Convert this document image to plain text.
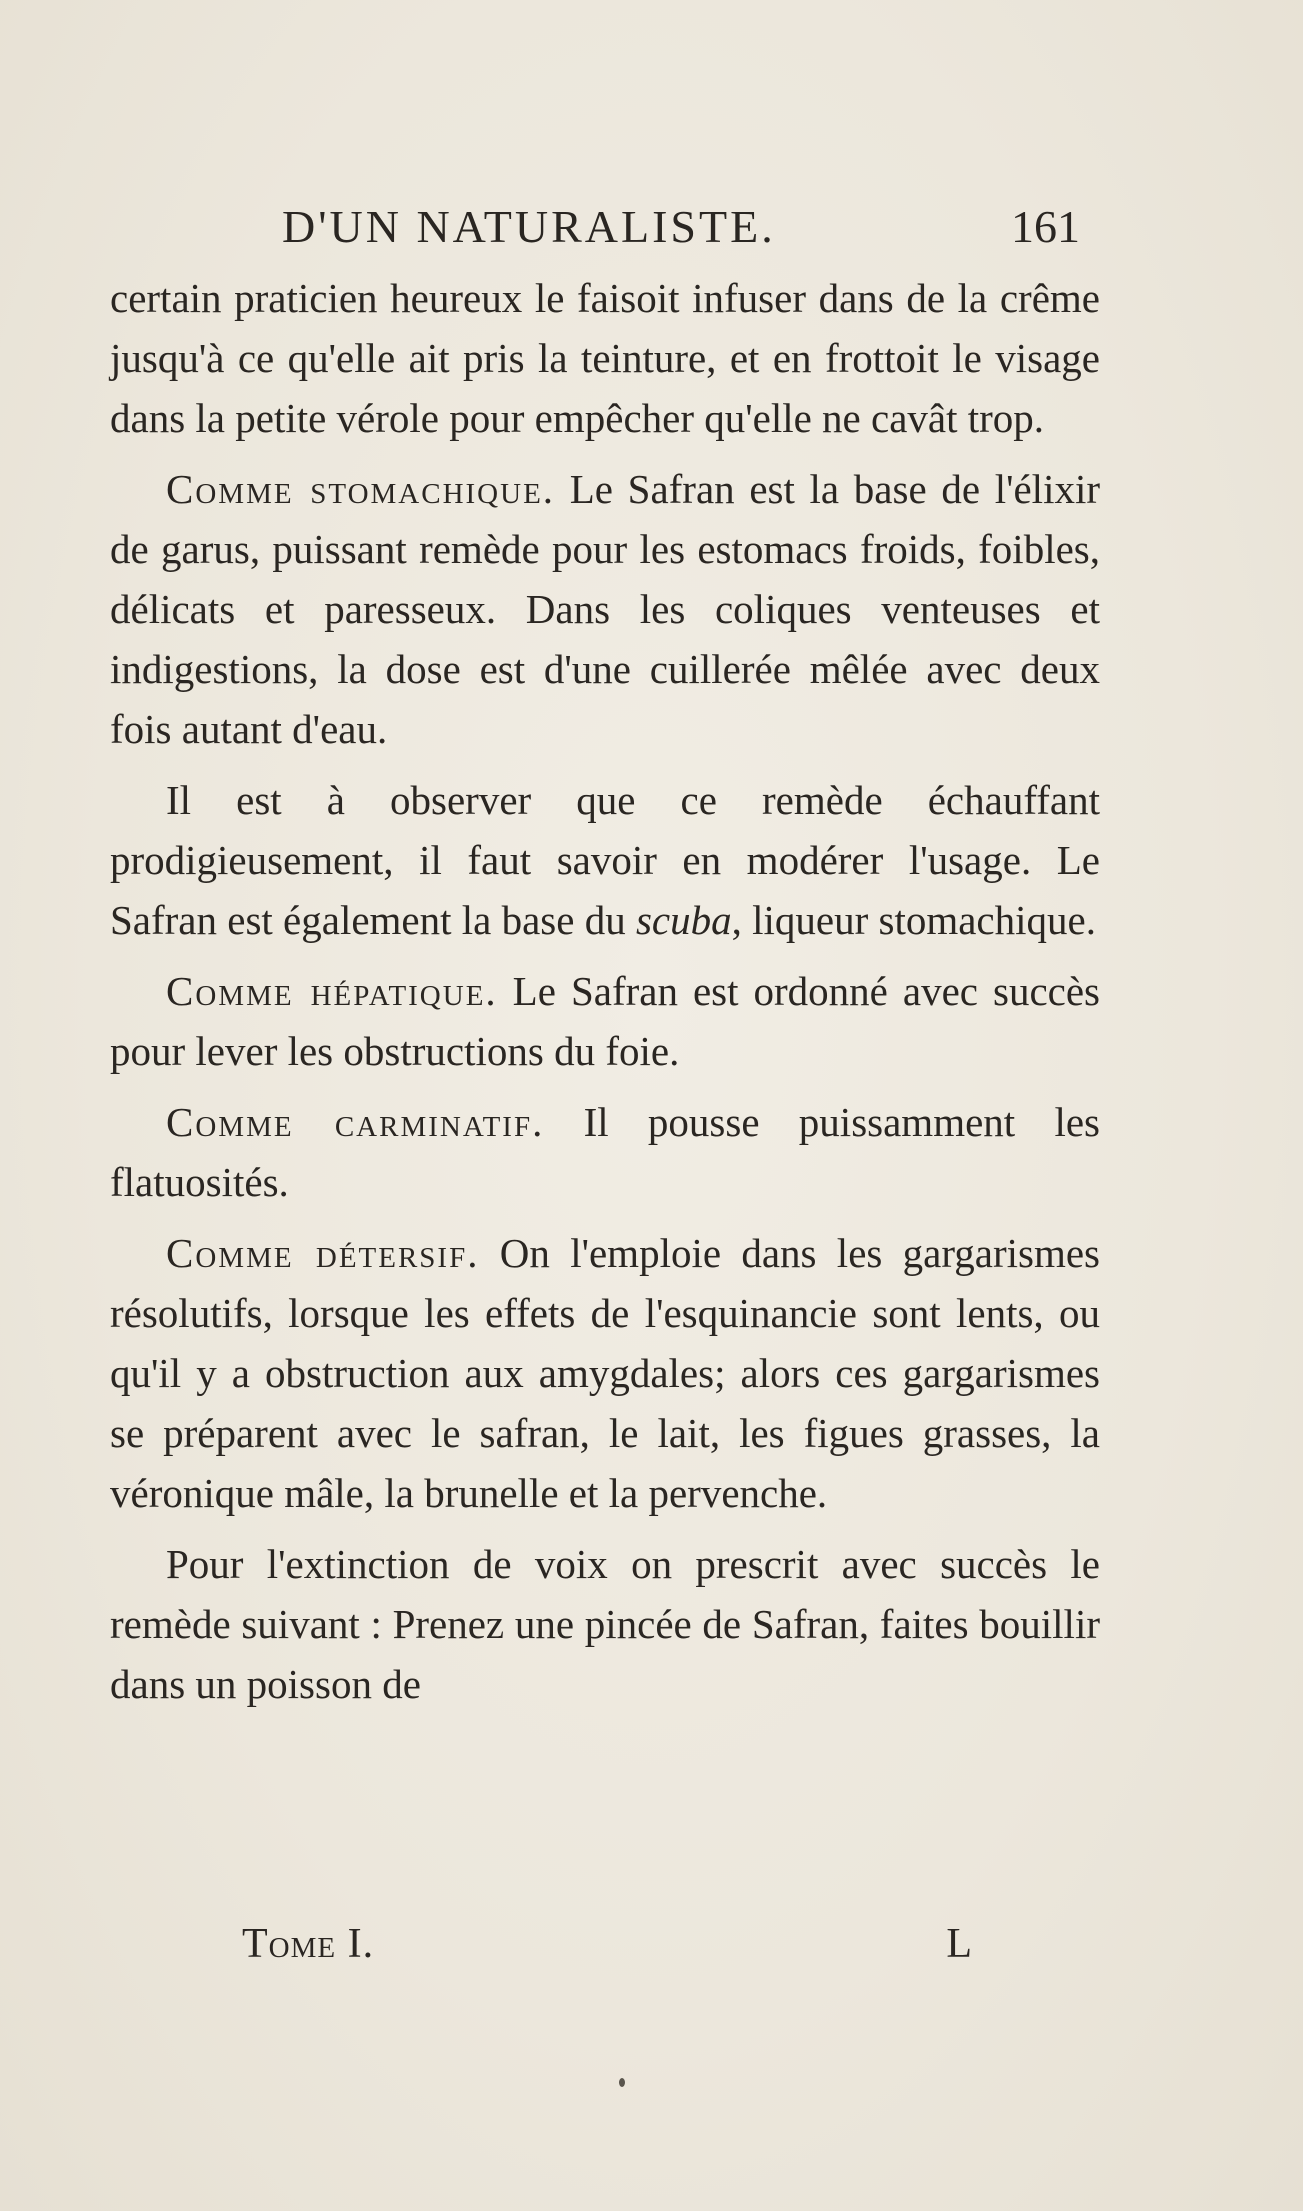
D'UN NATURALISTE.	161

certain praticien heureux le faisoit infuser dans de la crême jusqu'à ce qu'elle ait pris la teinture, et en frottoit le visage dans la petite vérole pour empêcher qu'elle ne cavât trop.

Comme stomachique. Le Safran est la base de l'élixir de garus, puissant remède pour les estomacs froids, foibles, délicats et paresseux. Dans les coliques venteuses et indigestions, la dose est d'une cuillerée mêlée avec deux fois autant d'eau.

Il est à observer que ce remède échauffant prodigieusement, il faut savoir en modérer l'usage. Le Safran est également la base du scuba, liqueur stomachique.

Comme hépatique. Le Safran est ordonné avec succès pour lever les obstructions du foie.

Comme carminatif. Il pousse puissamment les flatuosités.

Comme détersif. On l'emploie dans les gargarismes résolutifs, lorsque les effets de l'esquinancie sont lents, ou qu'il y a obstruction aux amygdales; alors ces gargarismes se préparent avec le safran, le lait, les figues grasses, la véronique mâle, la brunelle et la pervenche.

Pour l'extinction de voix on prescrit avec succès le remède suivant : Prenez une pincée de Safran, faites bouillir dans un poisson de

Tome I.	L
